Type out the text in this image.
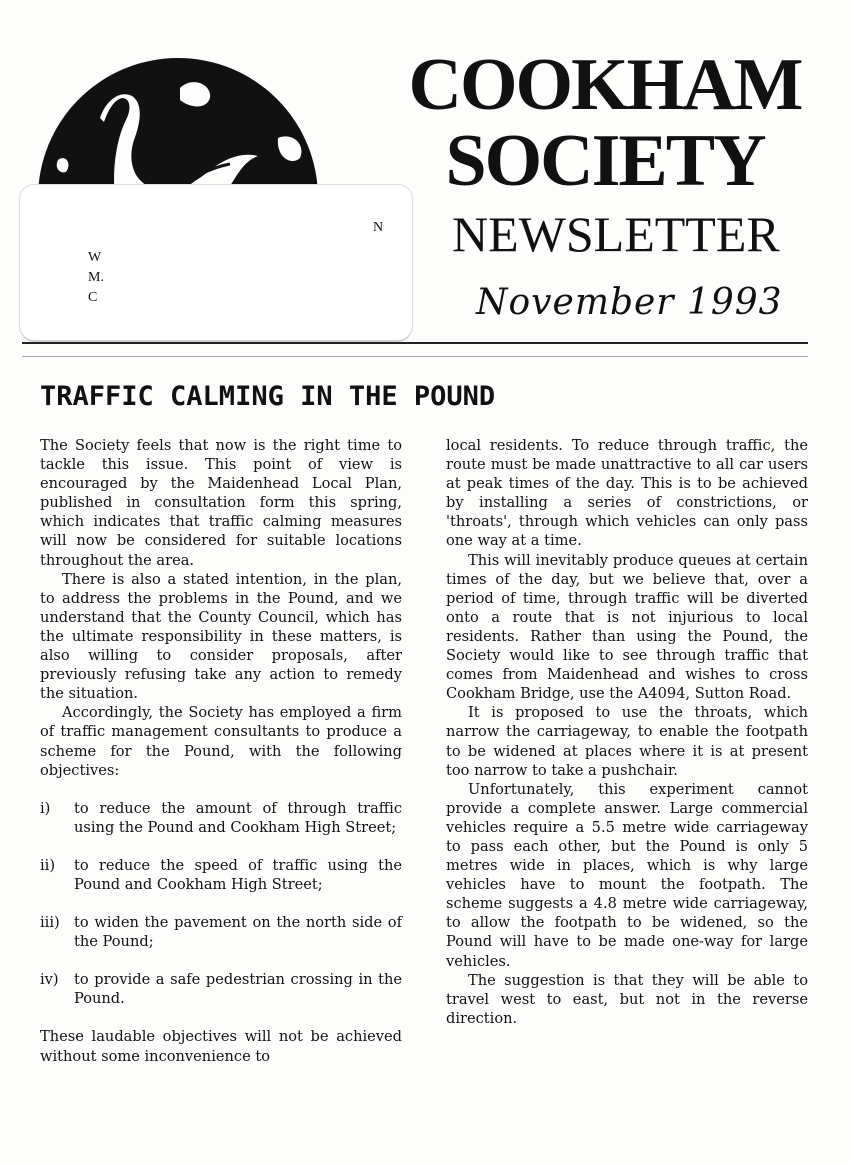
N
W
M.
C
COOKHAM
SOCIETY
NEWSLETTER
November 1993
TRAFFIC CALMING IN THE POUND

The Society feels that now is the right time to tackle this issue. This point of view is encouraged by the Maidenhead Local Plan, published in consultation form this spring, which indicates that traffic calming measures will now be considered for suitable locations throughout the area.

There is also a stated intention, in the plan, to address the problems in the Pound, and we understand that the County Council, which has the ultimate responsibility in these matters, is also willing to consider proposals, after previously refusing take any action to remedy the situation.

Accordingly, the Society has employed a firm of traffic management consultants to produce a scheme for the Pound, with the following objectives:

i)	to reduce the amount of through traffic using the Pound and Cookham High Street;
ii)	to reduce the speed of traffic using the Pound and Cookham High Street;
iii) to widen the pavement on the north side of the Pound;
iv)	to provide a safe pedestrian crossing in the Pound.

These laudable objectives will not be achieved without some inconvenience to

local residents. To reduce through traffic, the route must be made unattractive to all car users at peak times of the day. This is to be achieved by installing a series of constrictions, or 'throats', through which vehicles can only pass one way at a time.

This will inevitably produce queues at certain times of the day, but we believe that, over a period of time, through traffic will be diverted onto a route that is not injurious to local residents. Rather than using the Pound, the Society would like to see through traffic that comes from Maidenhead and wishes to cross Cookham Bridge, use the A4094, Sutton Road.

It is proposed to use the throats, which narrow the carriageway, to enable the footpath to be widened at places where it is at present too narrow to take a pushchair.

Unfortunately, this experiment cannot provide a complete answer. Large commercial vehicles require a 5.5 metre wide carriageway to pass each other, but the Pound is only 5 metres wide in places, which is why large vehicles have to mount the footpath. The scheme suggests a 4.8 metre wide carriageway, to allow the footpath to be widened, so the Pound will have to be made one-way for large vehicles.

The suggestion is that they will be able to travel west to east, but not in the reverse direction.
